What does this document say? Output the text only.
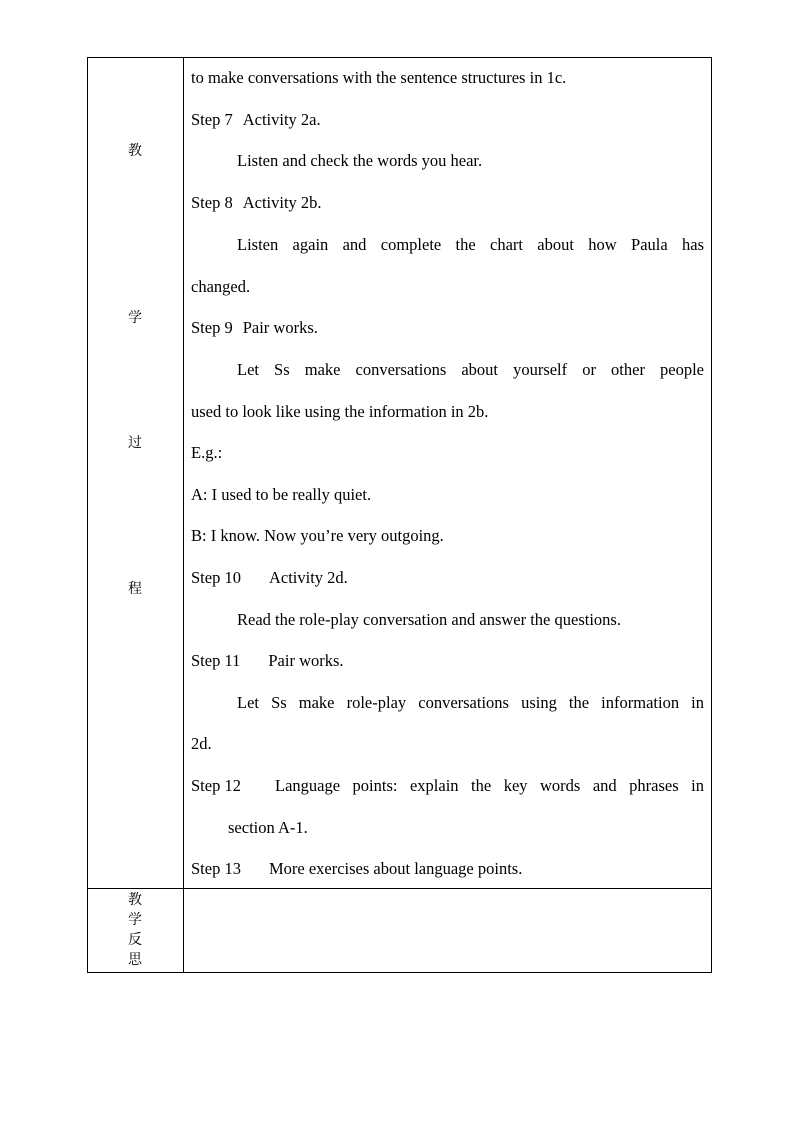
教
学
过
程
教
学
反
思
to make conversations with the sentence structures in 1c.
Step 7 Activity 2a.
Listen and check the words you hear.
Step 8 Activity 2b.
Listen again and complete the chart about how Paula has
changed.
Step 9 Pair works.
Let Ss make conversations about yourself or other people
used to look like using the information in 2b.
E.g.:
A: I used to be really quiet.
B: I know. Now you’re very outgoing.
Step 10 Activity 2d.
Read the role-play conversation and answer the questions.
Step 11 Pair works.
Let Ss make role-play conversations using the information in
2d.
Step 12 Language points: explain the key words and phrases in
section A-1.
Step 13 More exercises about language points.
